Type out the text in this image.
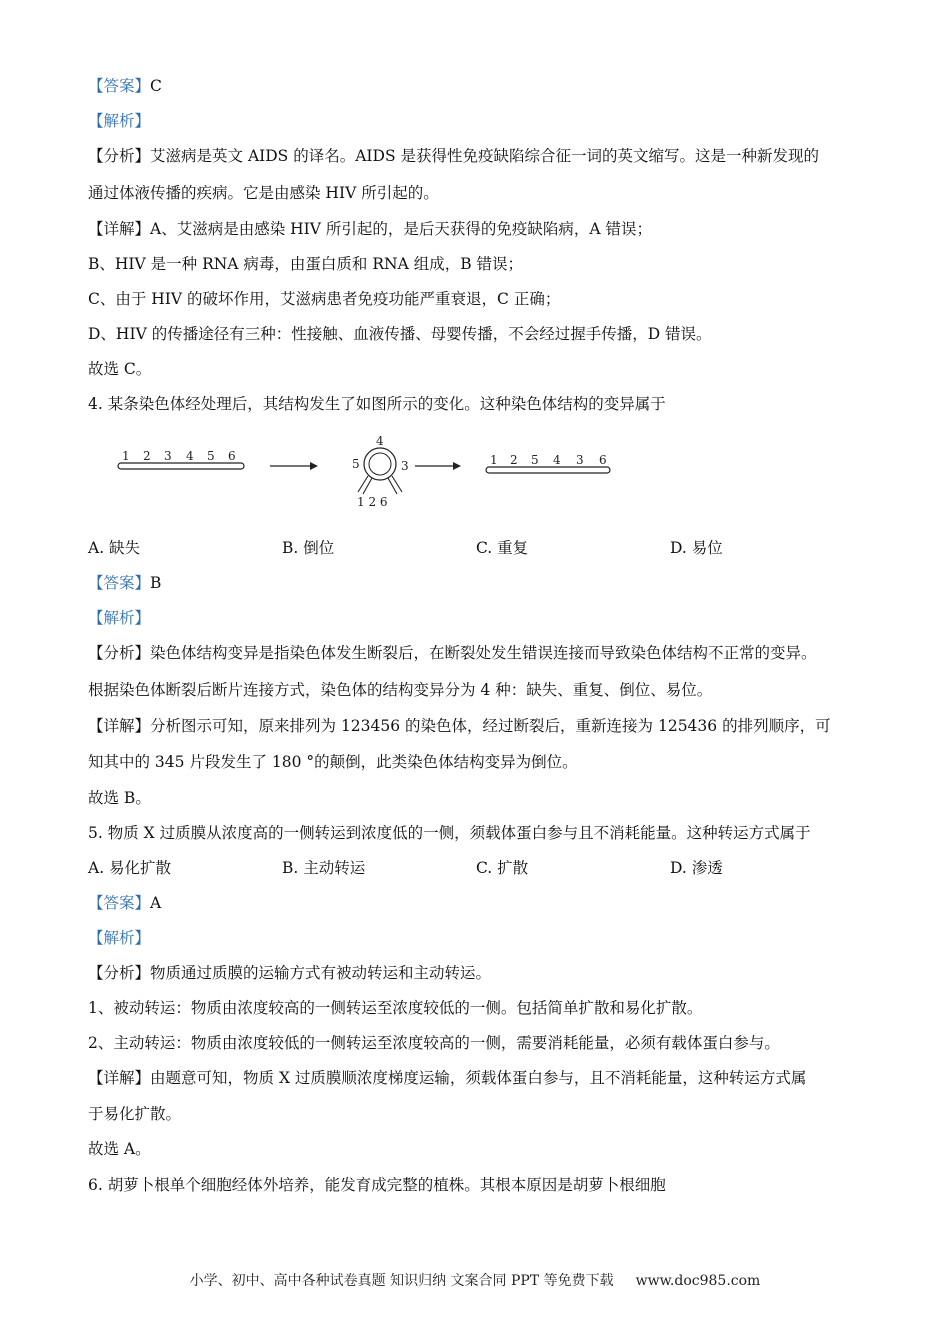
【答案】C
【解析】
【分析】艾滋病是英文 AIDS 的译名。AIDS 是获得性免疫缺陷综合征一词的英文缩写。这是一种新发现的
通过体液传播的疾病。它是由感染 HIV 所引起的。
【详解】A、艾滋病是由感染 HIV 所引起的，是后天获得的免疫缺陷病，A 错误；
B、HIV 是一种 RNA 病毒，由蛋白质和 RNA 组成，B 错误；
C、由于 HIV 的破坏作用，艾滋病患者免疫功能严重衰退，C 正确；
D、HIV 的传播途径有三种：性接触、血液传播、母婴传播，不会经过握手传播，D 错误。
故选 C。
4. 某条染色体经处理后，其结构发生了如图所示的变化。这种染色体结构的变异属于
1 2 3 4 5 6
4
5	3
1 2 6
1 2 5 4 3 6
A. 缺失	B. 倒位	C. 重复	D. 易位
【答案】B
【解析】
【分析】染色体结构变异是指染色体发生断裂后，在断裂处发生错误连接而导致染色体结构不正常的变异。
根据染色体断裂后断片连接方式，染色体的结构变异分为 4 种：缺失、重复、倒位、易位。
【详解】分析图示可知，原来排列为 123456 的染色体，经过断裂后，重新连接为 125436 的排列顺序，可
知其中的 345 片段发生了 180 °的颠倒，此类染色体结构变异为倒位。
故选 B。
5. 物质 X 过质膜从浓度高的一侧转运到浓度低的一侧，须载体蛋白参与且不消耗能量。这种转运方式属于
A. 易化扩散	B. 主动转运	C. 扩散	D. 渗透
【答案】A
【解析】
【分析】物质通过质膜的运输方式有被动转运和主动转运。
1、被动转运：物质由浓度较高的一侧转运至浓度较低的一侧。包括简单扩散和易化扩散。
2、主动转运：物质由浓度较低的一侧转运至浓度较高的一侧，需要消耗能量，必须有载体蛋白参与。
【详解】由题意可知，物质 X 过质膜顺浓度梯度运输，须载体蛋白参与，且不消耗能量，这种转运方式属
于易化扩散。
故选 A。
6. 胡萝卜根单个细胞经体外培养，能发育成完整的植株。其根本原因是胡萝卜根细胞
小学、初中、高中各种试卷真题 知识归纳 文案合同 PPT 等免费下载 www.doc985.com
